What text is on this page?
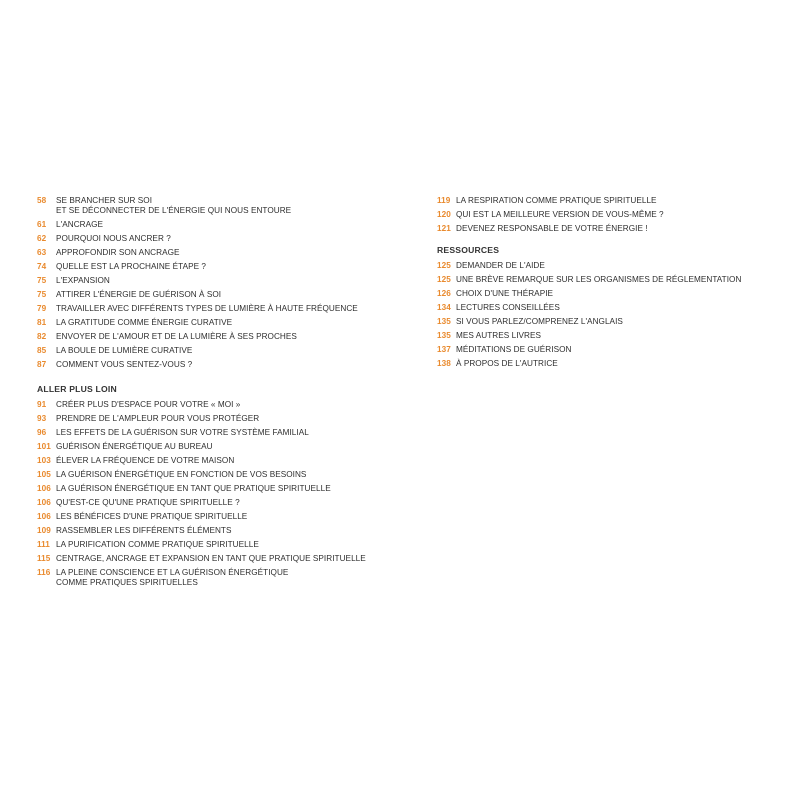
58	SE BRANCHER SUR SOI
ET SE DÉCONNECTER DE L'ÉNERGIE QUI NOUS ENTOURE
61	L'ANCRAGE
62	POURQUOI NOUS ANCRER ?
63	APPROFONDIR SON ANCRAGE
74	QUELLE EST LA PROCHAINE ÉTAPE ?
75	L'EXPANSION
75	ATTIRER L'ÉNERGIE DE GUÉRISON À SOI
79	TRAVAILLER AVEC DIFFÉRENTS TYPES DE LUMIÈRE À HAUTE FRÉQUENCE
81	LA GRATITUDE COMME ÉNERGIE CURATIVE
82	ENVOYER DE L'AMOUR ET DE LA LUMIÈRE À SES PROCHES
85	LA BOULE DE LUMIÈRE CURATIVE
87	COMMENT VOUS SENTEZ-VOUS ?
ALLER PLUS LOIN
91	CRÉER PLUS D'ESPACE POUR VOTRE « MOI »
93	PRENDRE DE L'AMPLEUR POUR VOUS PROTÉGER
96	LES EFFETS DE LA GUÉRISON SUR VOTRE SYSTÈME FAMILIAL
101 GUÉRISON ÉNERGÉTIQUE AU BUREAU
103 ÉLEVER LA FRÉQUENCE DE VOTRE MAISON
105 LA GUÉRISON ÉNERGÉTIQUE EN FONCTION DE VOS BESOINS
106 LA GUÉRISON ÉNERGÉTIQUE EN TANT QUE PRATIQUE SPIRITUELLE
106 QU'EST-CE QU'UNE PRATIQUE SPIRITUELLE ?
106 LES BÉNÉFICES D'UNE PRATIQUE SPIRITUELLE
109 RASSEMBLER LES DIFFÉRENTS ÉLÉMENTS
111 LA PURIFICATION COMME PRATIQUE SPIRITUELLE
115 CENTRAGE, ANCRAGE ET EXPANSION EN TANT QUE PRATIQUE SPIRITUELLE
116 LA PLEINE CONSCIENCE ET LA GUÉRISON ÉNERGÉTIQUE
COMME PRATIQUES SPIRITUELLES
119 LA RESPIRATION COMME PRATIQUE SPIRITUELLE
120 QUI EST LA MEILLEURE VERSION DE VOUS-MÊME ?
121 DEVENEZ RESPONSABLE DE VOTRE ÉNERGIE !
RESSOURCES
125 DEMANDER DE L'AIDE
125 UNE BRÈVE REMARQUE SUR LES ORGANISMES DE RÉGLEMENTATION
126 CHOIX D'UNE THÉRAPIE
134 LECTURES CONSEILLÉES
135 SI VOUS PARLEZ/COMPRENEZ L'ANGLAIS
135 MES AUTRES LIVRES
137 MÉDITATIONS DE GUÉRISON
138 À PROPOS DE L'AUTRICE
